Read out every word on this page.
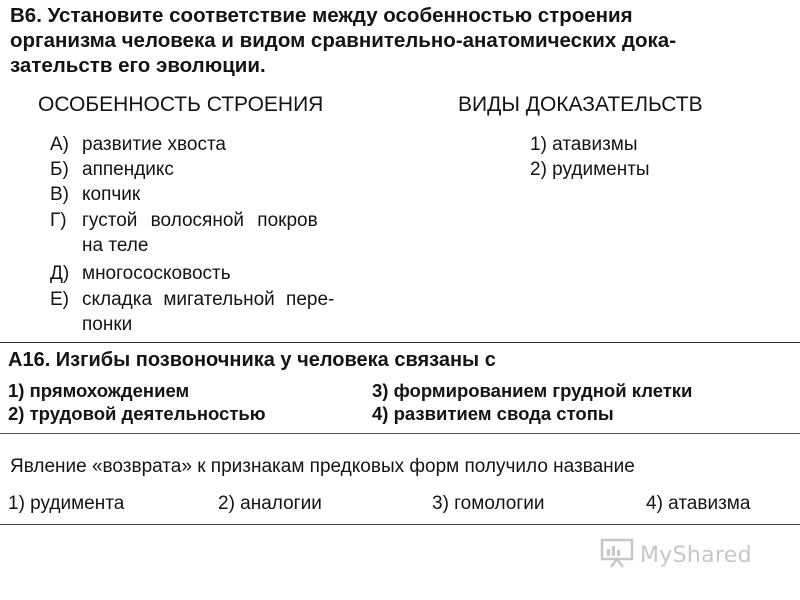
B6. Установите соответствие между особенностью строения
организма человека и видом сравнительно-анатомических дока-
зательств его эволюции.
ОСОБЕННОСТЬ СТРОЕНИЯ	ВИДЫ ДОКАЗАТЕЛЬСТВ
А) развитие хвоста
Б) аппендикс
В) копчик
Г) густой волосяной покров
на теле
Д) многососковость
Е) складка мигательной пере-
понки
1) атавизмы
2) рудименты
А16. Изгибы позвоночника у человека связаны с
1) прямохождением	3) формированием грудной клетки
2) трудовой деятельностью	4) развитием свода стопы
Явление «возврата» к признакам предковых форм получило название
1) рудимента	2) аналогии	3) гомологии	4) атавизма
MyShared
